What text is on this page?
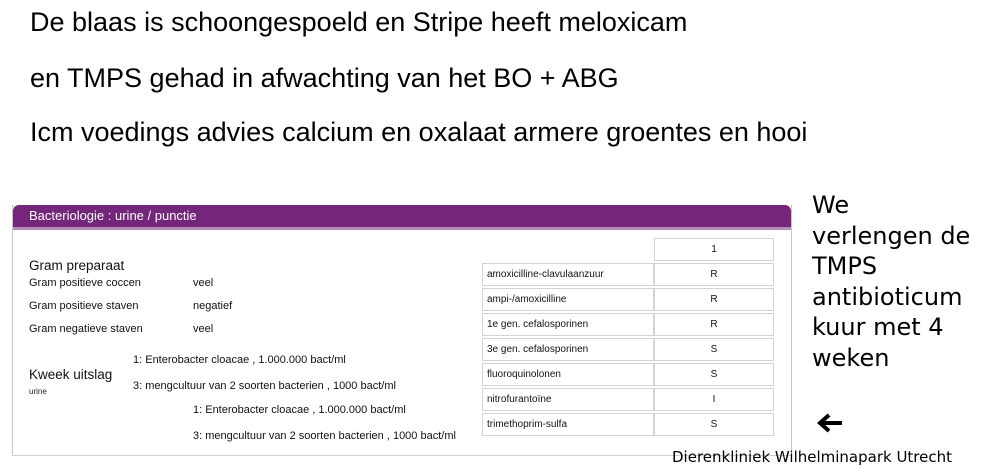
De blaas is schoongespoeld en Stripe heeft meloxicam
en TMPS gehad in afwachting van het BO + ABG
Icm voedings advies calcium en oxalaat armere groentes en hooi
Bacteriologie : urine / punctie
Gram preparaat
Gram positieve coccen	veel
Gram positieve staven	negatief
Gram negatieve staven	veel
Kweek uitslag
urine
1: Enterobacter cloacae , 1.000.000 bact/ml
3: mengcultuur van 2 soorten bacterien , 1000 bact/ml
1: Enterobacter cloacae , 1.000.000 bact/ml
3: mengcultuur van 2 soorten bacterien , 1000 bact/ml
	1
amoxicilline-clavulaanzuur	R
ampi-/amoxicilline	R
1e gen. cefalosporinen	R
3e gen. cefalosporinen	S
fluoroquinolonen	S
nitrofurantoïne	I
trimethoprim-sulfa	S
We
verlengen de
TMPS
antibioticum
kuur met 4
weken
Dierenkliniek Wilhelminapark Utrecht
